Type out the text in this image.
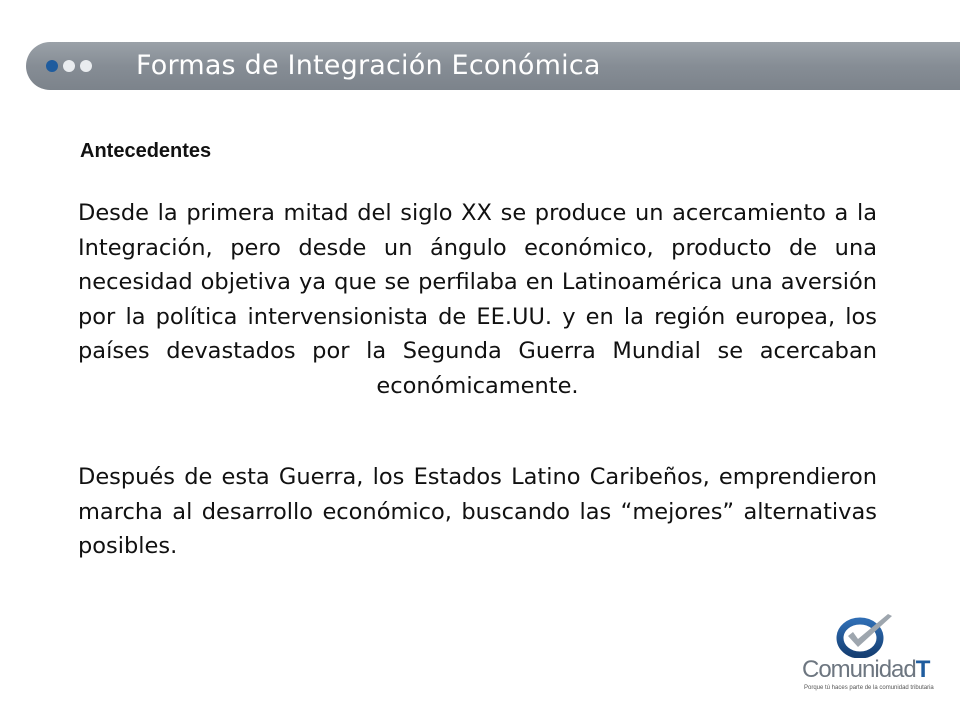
Formas de Integración Económica
Antecedentes

Desde la primera mitad del siglo XX se produce un acercamiento a la Integración, pero desde un ángulo económico, producto de una necesidad objetiva ya que se perfilaba en Latinoamérica una aversión por la política intervensionista de EE.UU. y en la región europea, los países devastados por la Segunda Guerra Mundial se acercaban económicamente.

Después de esta Guerra, los Estados Latino Caribeños, emprendieron marcha al desarrollo económico, buscando las “mejores” alternativas posibles.

ComunidadT
Porque tú haces parte de la comunidad tributaria
